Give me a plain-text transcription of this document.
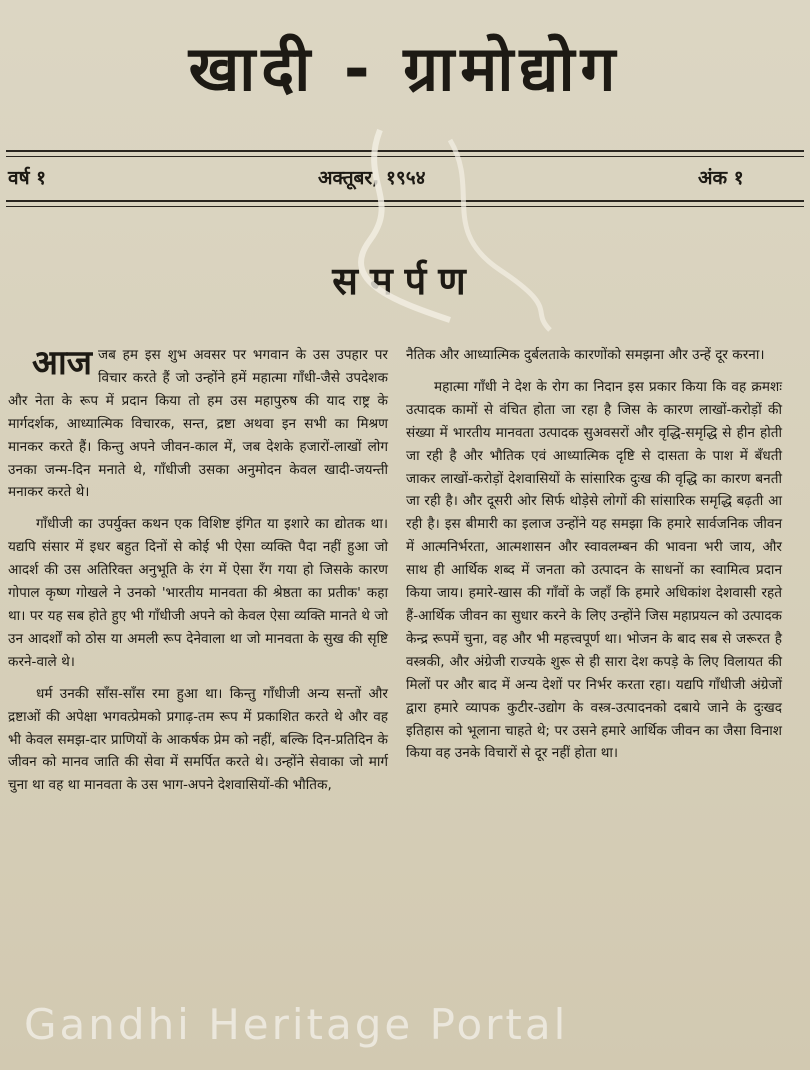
खादी - ग्रामोद्योग
वर्ष १	अक्तूबर, १९५४	अंक १
समर्पण

आज जब हम इस शुभ अवसर पर भगवान के उस उपहार पर विचार करते हैं जो उन्होंने हमें महात्मा गाँधी-जैसे उपदेशक और नेता के रूप में प्रदान किया तो हम उस महापुरुष की याद राष्ट्र के मार्गदर्शक, आध्यात्मिक विचारक, सन्त, द्रष्टा अथवा इन सभी का मिश्रण मानकर करते हैं। किन्तु अपने जीवन-काल में, जब देशके हजारों-लाखों लोग उनका जन्म-दिन मनाते थे, गाँधीजी उसका अनुमोदन केवल खादी-जयन्ती मनाकर करते थे।

गाँधीजी का उपर्युक्त कथन एक विशिष्ट इंगित या इशारे का द्योतक था। यद्यपि संसार में इधर बहुत दिनों से कोई भी ऐसा व्यक्ति पैदा नहीं हुआ जो आदर्श की उस अतिरिक्त अनुभूति के रंग में ऐसा रँग गया हो जिसके कारण गोपाल कृष्ण गोखले ने उनको 'भारतीय मानवता की श्रेष्ठता का प्रतीक' कहा था। पर यह सब होते हुए भी गाँधीजी अपने को केवल ऐसा व्यक्ति मानते थे जो उन आदर्शों को ठोस या अमली रूप देनेवाला था जो मानवता के सुख की सृष्टि करने-वाले थे।

धर्म उनकी साँस-साँस रमा हुआ था। किन्तु गाँधीजी अन्य सन्तों और द्रष्टाओं की अपेक्षा भगवत्प्रेमको प्रगाढ़-तम रूप में प्रकाशित करते थे और वह भी केवल समझ-दार प्राणियों के आकर्षक प्रेम को नहीं, बल्कि दिन-प्रतिदिन के जीवन को मानव जाति की सेवा में समर्पित करते थे। उन्होंने सेवाका जो मार्ग चुना था वह था मानवता के उस भाग-अपने देशवासियों-की भौतिक,

नैतिक और आध्यात्मिक दुर्बलताके कारणोंको समझना और उन्हें दूर करना।

महात्मा गाँधी ने देश के रोग का निदान इस प्रकार किया कि वह क्रमशः उत्पादक कामों से वंचित होता जा रहा है जिस के कारण लाखों-करोड़ों की संख्या में भारतीय मानवता उत्पादक सुअवसरों और वृद्धि-समृद्धि से हीन होती जा रही है और भौतिक एवं आध्यात्मिक दृष्टि से दासता के पाश में बँधती जाकर लाखों-करोड़ों देशवासियों के सांसारिक दुःख की वृद्धि का कारण बनती जा रही है। और दूसरी ओर सिर्फ थोड़ेसे लोगों की सांसारिक समृद्धि बढ़ती आ रही है। इस बीमारी का इलाज उन्होंने यह समझा कि हमारे सार्वजनिक जीवन में आत्मनिर्भरता, आत्मशासन और स्वावलम्बन की भावना भरी जाय, और साथ ही आर्थिक शब्द में जनता को उत्पादन के साधनों का स्वामित्व प्रदान किया जाय। हमारे-खास की गाँवों के जहाँ कि हमारे अधिकांश देशवासी रहते हैं-आर्थिक जीवन का सुधार करने के लिए उन्होंने जिस महाप्रयत्न को उत्पादक केन्द्र रूपमें चुना, वह और भी महत्त्वपूर्ण था। भोजन के बाद सब से जरूरत है वस्त्रकी, और अंग्रेजी राज्यके शुरू से ही सारा देश कपड़े के लिए विलायत की मिलों पर और बाद में अन्य देशों पर निर्भर करता रहा। यद्यपि गाँधीजी अंग्रेजों द्वारा हमारे व्यापक कुटीर-उद्योग के वस्त्र-उत्पादनको दबाये जाने के दुःखद इतिहास को भूलाना चाहते थे; पर उसने हमारे आर्थिक जीवन का जैसा विनाश किया वह उनके विचारों से दूर नहीं होता था।

Gandhi Heritage Portal
